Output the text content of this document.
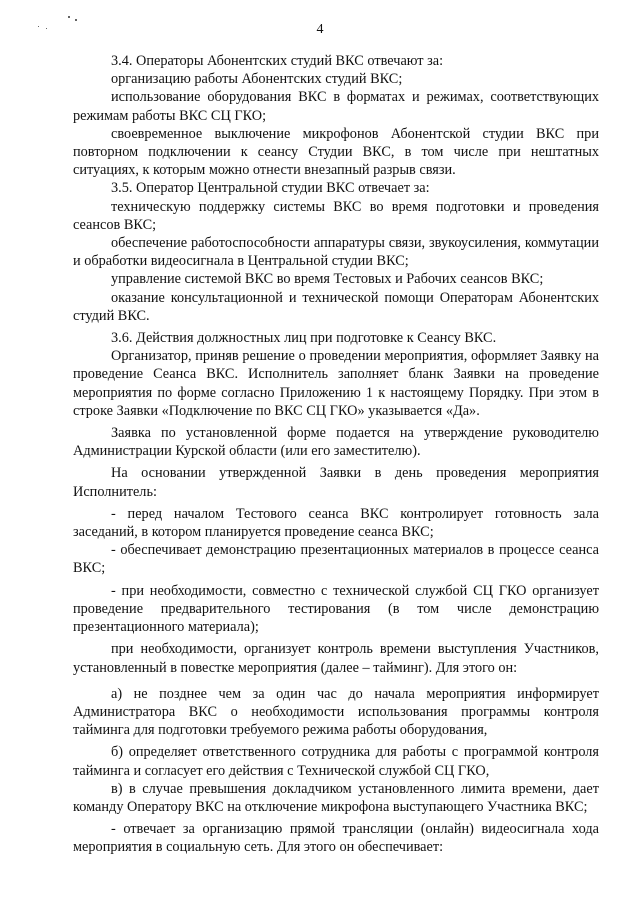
4

3.4. Операторы Абонентских студий ВКС отвечают за:

организацию работы Абонентских студий ВКС;

использование оборудования ВКС в форматах и режимах, соответствующих режимам работы ВКС СЦ ГКО;

своевременное выключение микрофонов Абонентской студии ВКС при повторном подключении к сеансу Студии ВКС, в том числе при нештатных ситуациях, к которым можно отнести внезапный разрыв связи.

3.5. Оператор Центральной студии ВКС отвечает за:

техническую поддержку системы ВКС во время подготовки и проведения сеансов ВКС;

обеспечение работоспособности аппаратуры связи, звукоусиления, коммутации и обработки видеосигнала в Центральной студии ВКС;

управление системой ВКС во время Тестовых и Рабочих сеансов ВКС;

оказание консультационной и технической помощи Операторам Абонентских студий ВКС.

3.6. Действия должностных лиц при подготовке к Сеансу ВКС.

Организатор, приняв решение о проведении мероприятия, оформляет Заявку на проведение Сеанса ВКС. Исполнитель заполняет бланк Заявки на проведение мероприятия по форме согласно Приложению 1 к настоящему Порядку. При этом в строке Заявки «Подключение по ВКС СЦ ГКО» указывается «Да».

Заявка по установленной форме подается на утверждение руководителю Администрации Курской области (или его заместителю).

На основании утвержденной Заявки в день проведения мероприятия Исполнитель:

- перед началом Тестового сеанса ВКС контролирует готовность зала заседаний, в котором планируется проведение сеанса ВКС;

- обеспечивает демонстрацию презентационных материалов в процессе сеанса ВКС;

- при необходимости, совместно с технической службой СЦ ГКО организует проведение предварительного тестирования (в том числе демонстрацию презентационного материала);

при необходимости, организует контроль времени выступления Участников, установленный в повестке мероприятия (далее – тайминг). Для этого он:

а) не позднее чем за один час до начала мероприятия информирует Администратора ВКС о необходимости использования программы контроля тайминга для подготовки требуемого режима работы оборудования,

б) определяет ответственного сотрудника для работы с программой контроля тайминга и согласует его действия с Технической службой СЦ ГКО,

в) в случае превышения докладчиком установленного лимита времени, дает команду Оператору ВКС на отключение микрофона выступающего Участника ВКС;

- отвечает за организацию прямой трансляции (онлайн) видеосигнала хода мероприятия в социальную сеть. Для этого он обеспечивает:
